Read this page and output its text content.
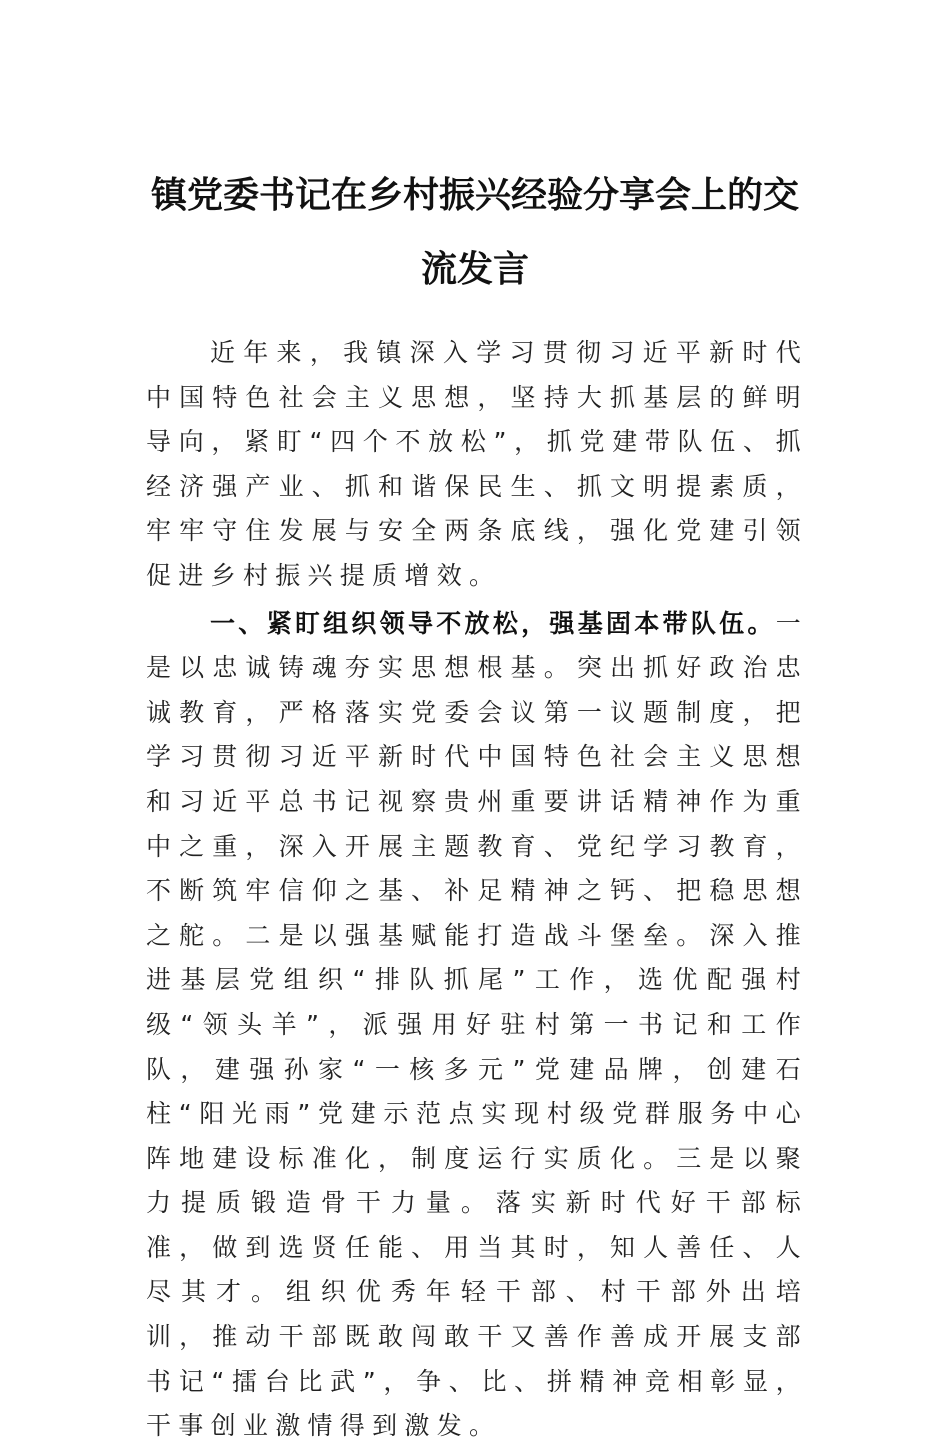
镇党委书记在乡村振兴经验分享会上的交流发言

近年来，我镇深入学习贯彻习近平新时代中国特色社会主义思想，坚持大抓基层的鲜明导向，紧盯“四个不放松”，抓党建带队伍、抓经济强产业、抓和谐保民生、抓文明提素质，牢牢守住发展与安全两条底线，强化党建引领促进乡村振兴提质增效。

一、紧盯组织领导不放松，强基固本带队伍。一是以忠诚铸魂夯实思想根基。突出抓好政治忠诚教育，严格落实党委会议第一议题制度，把学习贯彻习近平新时代中国特色社会主义思想和习近平总书记视察贵州重要讲话精神作为重中之重，深入开展主题教育、党纪学习教育，不断筑牢信仰之基、补足精神之钙、把稳思想之舵。二是以强基赋能打造战斗堡垒。深入推进基层党组织“排队抓尾”工作，选优配强村级“领头羊”，派强用好驻村第一书记和工作队，建强孙家“一核多元”党建品牌，创建石柱“阳光雨”党建示范点实现村级党群服务中心阵地建设标准化，制度运行实质化。三是以聚力提质锻造骨干力量。落实新时代好干部标准，做到选贤任能、用当其时，知人善任、人尽其才。组织优秀年轻干部、村干部外出培训，推动干部既敢闯敢干又善作善成开展支部书记“擂台比武”，争、比、拼精神竞相彰显，干事创业激情得到激发。
